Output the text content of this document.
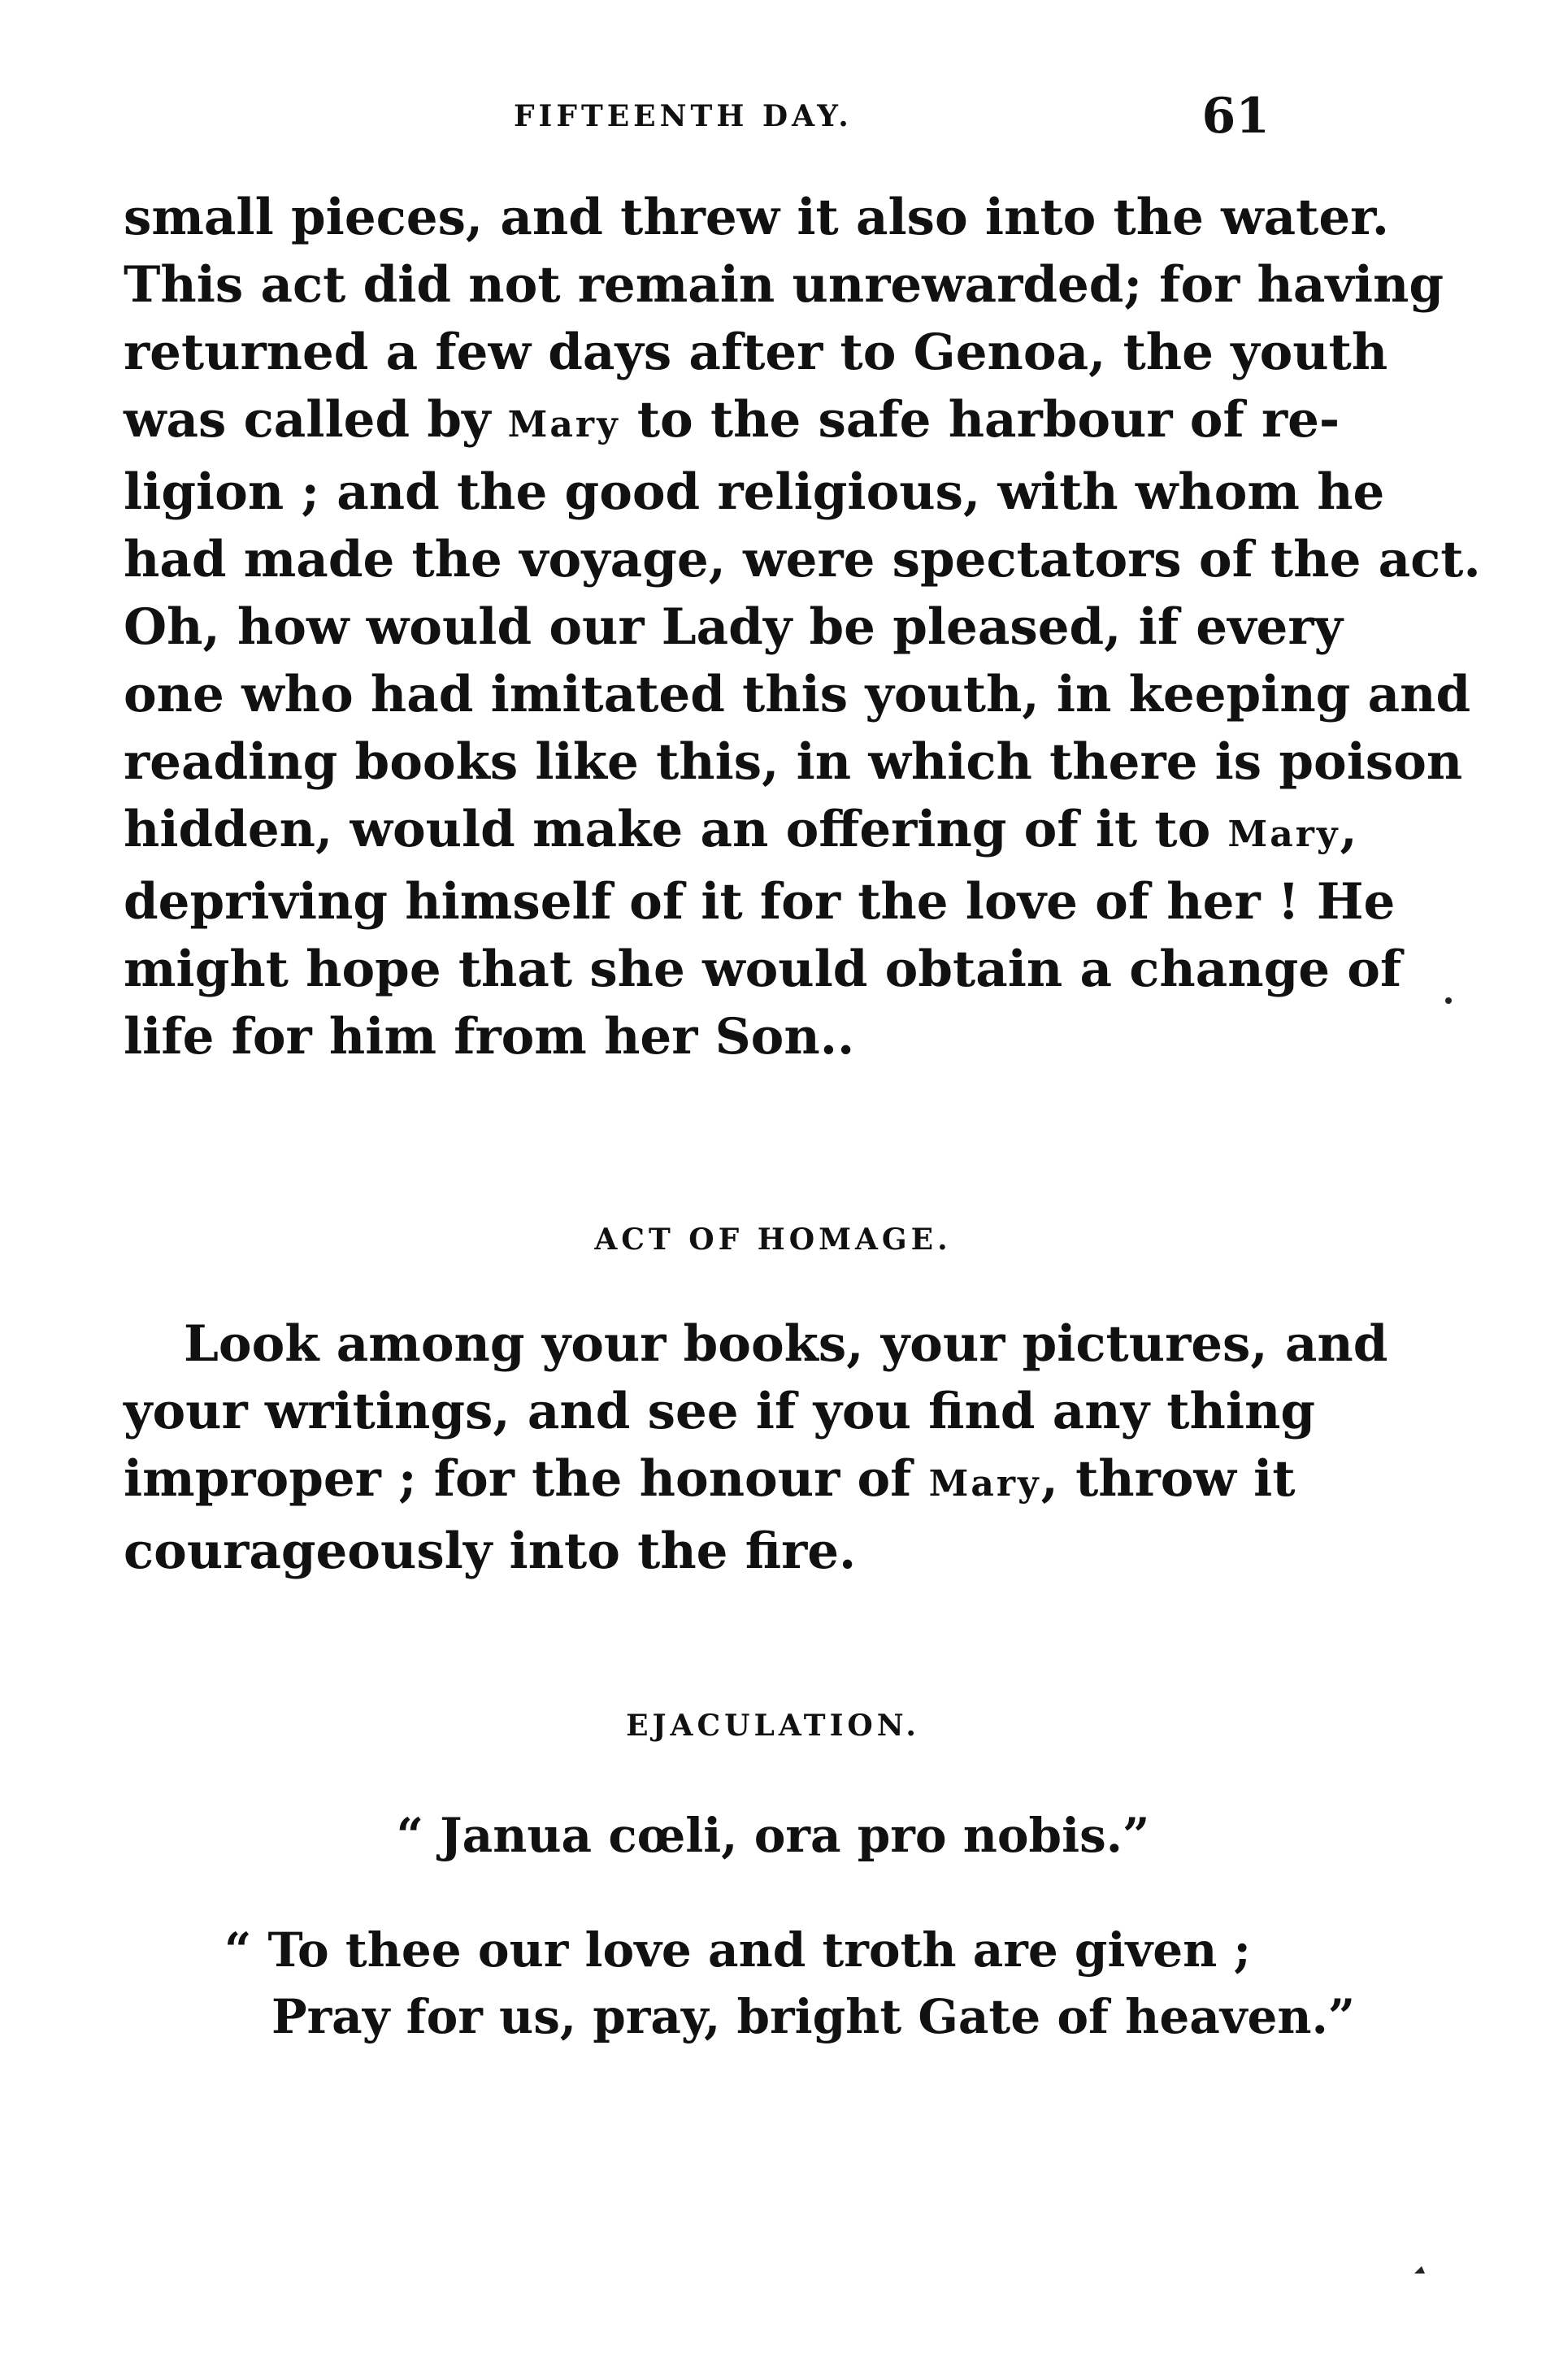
FIFTEENTH DAY.	61
small pieces, and threw it also into the water.
This act did not remain unrewarded; for having
returned a few days after to Genoa, the youth
was called by Mary to the safe harbour of re-
ligion ; and the good religious, with whom he
had made the voyage, were spectators of the act.
Oh, how would our Lady be pleased, if every
one who had imitated this youth, in keeping and
reading books like this, in which there is poison
hidden, would make an offering of it to Mary,
depriving himself of it for the love of her ! He
might hope that she would obtain a change of
life for him from her Son..
ACT OF HOMAGE.
Look among your books, your pictures, and
your writings, and see if you find any thing
improper ; for the honour of Mary, throw it
courageously into the fire.
EJACULATION.
“ Janua cœli, ora pro nobis.”
“ To thee our love and troth are given ;
Pray for us, pray, bright Gate of heaven.”
